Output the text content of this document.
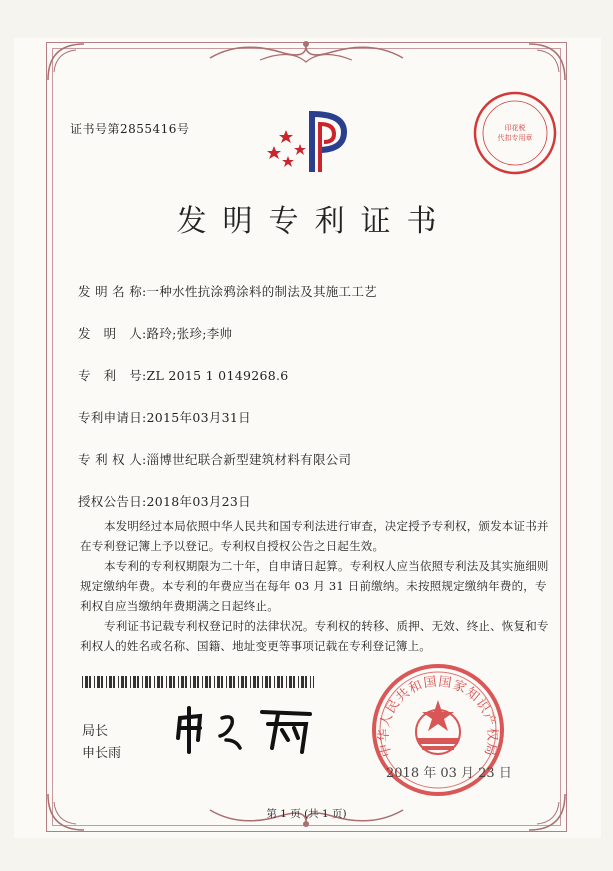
证书号第2855416号	印花税
代扣专用章
发明专利证书
发 明 名 称:一种水性抗涂鸦涂料的制法及其施工工艺
发　明　人:路玲;张珍;李帅
专　利　号:ZL 2015 1 0149268.6
专利申请日:2015年03月31日
专 利 权 人:淄博世纪联合新型建筑材料有限公司
授权公告日:2018年03月23日

本发明经过本局依照中华人民共和国专利法进行审查，决定授予专利权，颁发本证书并在专利登记簿上予以登记。专利权自授权公告之日起生效。

本专利的专利权期限为二十年，自申请日起算。专利权人应当依照专利法及其实施细则规定缴纳年费。本专利的年费应当在每年 03 月 31 日前缴纳。未按照规定缴纳年费的，专利权自应当缴纳年费期满之日起终止。

专利证书记载专利权登记时的法律状况。专利权的转移、质押、无效、终止、恢复和专利权人的姓名或名称、国籍、地址变更等事项记载在专利登记簿上。

局长
申长雨	中华人民共和国国家知识产权局
2018 年 03 月 23 日
第 1 页 (共 1 页)
